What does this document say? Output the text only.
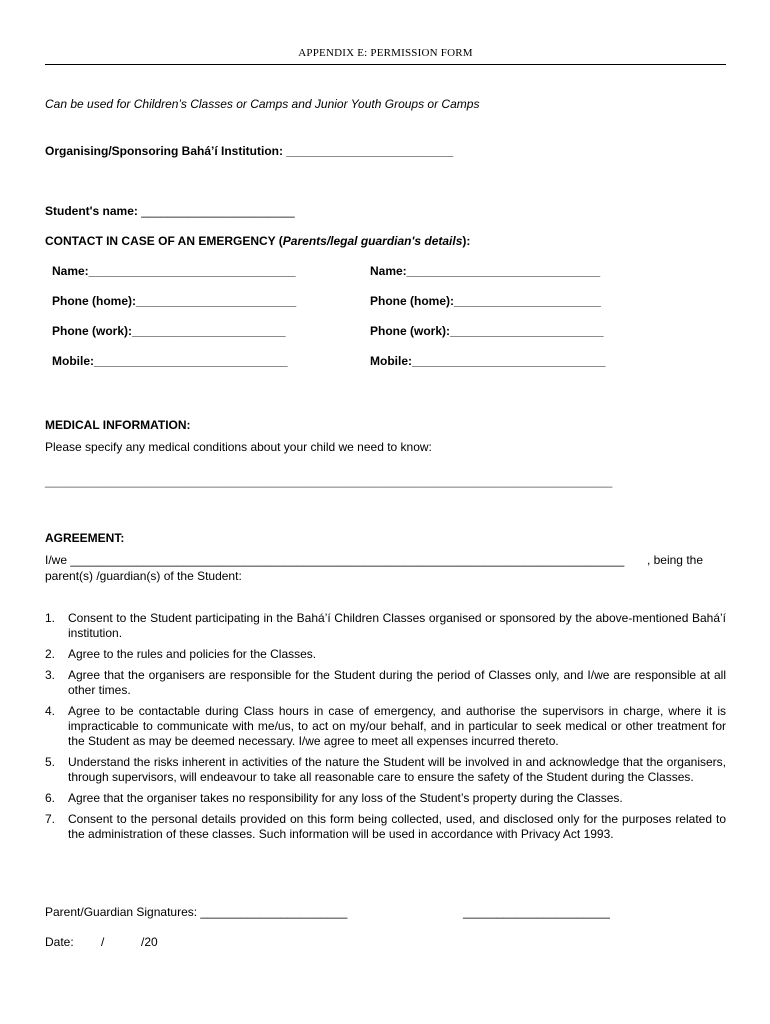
APPENDIX E: PERMISSION FORM
Can be used for Children’s Classes or Camps and Junior Youth Groups or Camps
Organising/Sponsoring Bahá’í Institution: _________________________
Student's name: _______________________
CONTACT IN CASE OF AN EMERGENCY (Parents/legal guardian's details):
Name:_______________________________
Phone (home):________________________
Phone (work):_______________________
Mobile:_____________________________
Name:_____________________________
Phone (home):______________________
Phone (work):_______________________
Mobile:_____________________________
MEDICAL INFORMATION:
Please specify any medical conditions about your child we need to know:
_____________________________________________________________________________________
AGREEMENT:
I/we ___________________________________________________________________________________ , being the
parent(s) /guardian(s) of the Student:
1. Consent to the Student participating in the Bahá’í Children Classes organised or sponsored by the above-mentioned Bahá’í institution.
2. Agree to the rules and policies for the Classes.
3. Agree that the organisers are responsible for the Student during the period of Classes only, and I/we are responsible at all other times.
4. Agree to be contactable during Class hours in case of emergency, and authorise the supervisors in charge, where it is impracticable to communicate with me/us, to act on my/our behalf, and in particular to seek medical or other treatment for the Student as may be deemed necessary. I/we agree to meet all expenses incurred thereto.
5. Understand the risks inherent in activities of the nature the Student will be involved in and acknowledge that the organisers, through supervisors, will endeavour to take all reasonable care to ensure the safety of the Student during the Classes.
6. Agree that the organiser takes no responsibility for any loss of the Student’s property during the Classes.
7. Consent to the personal details provided on this form being collected, used, and disclosed only for the purposes related to the administration of these classes. Such information will be used in accordance with Privacy Act 1993.
Parent/Guardian Signatures: ______________________	______________________
Date: /	/20
